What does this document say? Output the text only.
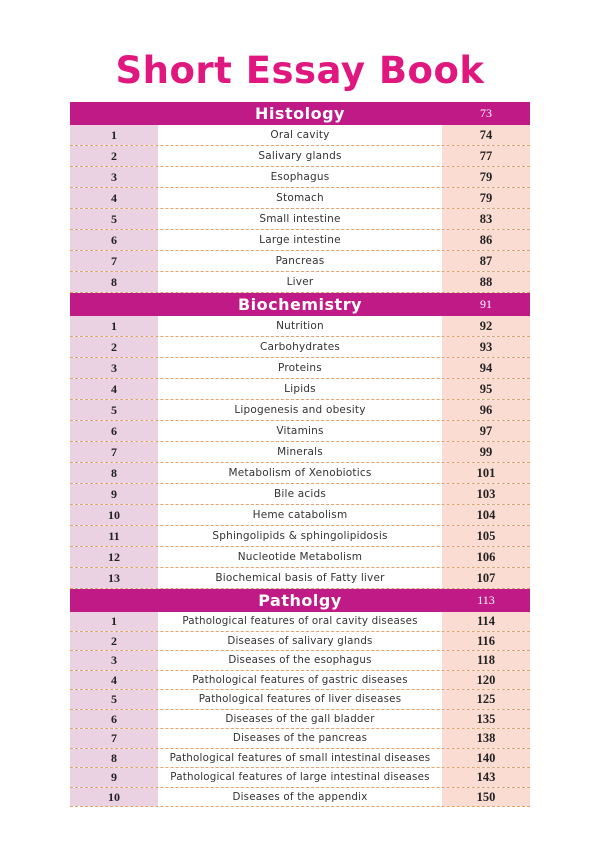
Short Essay Book
Histology	73
1	Oral cavity	74
2	Salivary glands	77
3	Esophagus	79
4	Stomach	79
5	Small intestine	83
6	Large intestine	86
7	Pancreas	87
8	Liver	88
Biochemistry	91
1	Nutrition	92
2	Carbohydrates	93
3	Proteins	94
4	Lipids	95
5	Lipogenesis and obesity	96
6	Vitamins	97
7	Minerals	99
8	Metabolism of Xenobiotics	101
9	Bile acids	103
10	Heme catabolism	104
11	Sphingolipids & sphingolipidosis	105
12	Nucleotide Metabolism	106
13	Biochemical basis of Fatty liver	107
Patholgy	113
1	Pathological features of oral cavity diseases	114
2	Diseases of salivary glands	116
3	Diseases of the esophagus	118
4	Pathological features of gastric diseases	120
5	Pathological features of liver diseases	125
6	Diseases of the gall bladder	135
7	Diseases of the pancreas	138
8	Pathological features of small intestinal diseases	140
9	Pathological features of large intestinal diseases	143
10	Diseases of the appendix	150
